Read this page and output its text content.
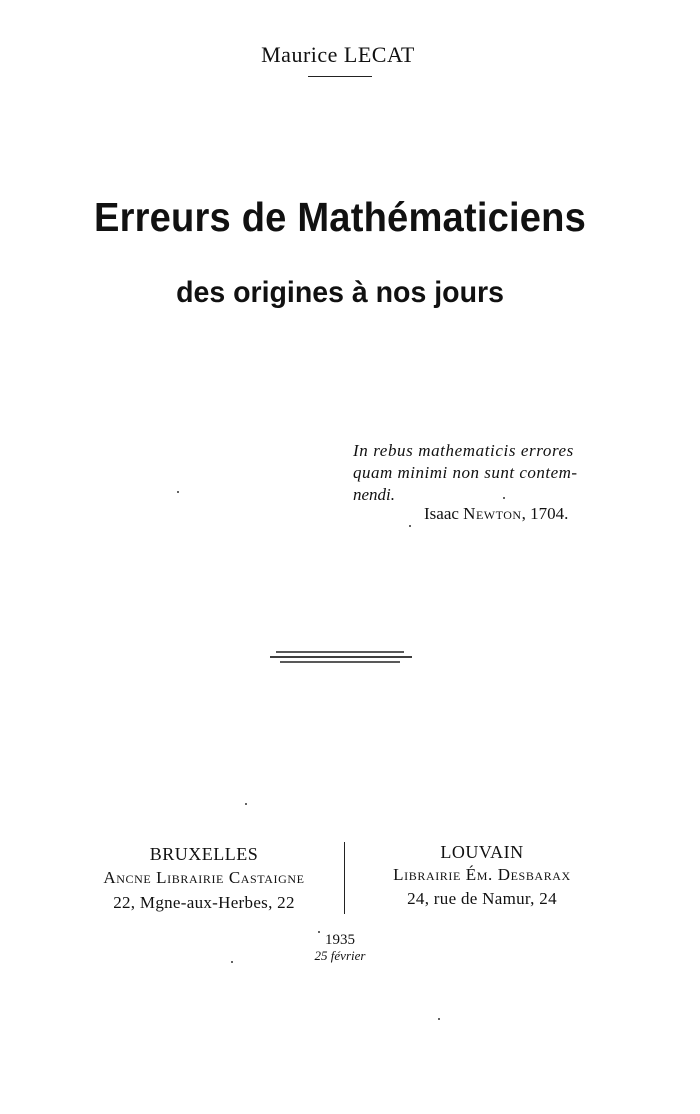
Maurice LECAT
Erreurs de Mathématiciens
des origines à nos jours
In rebus mathematicis errores
quam minimi non sunt contem-
nendi.
Isaac Newton, 1704.
BRUXELLES
Ancne Librairie Castaigne
22, Mgne-aux-Herbes, 22
LOUVAIN
Librairie Ém. Desbarax
24, rue de Namur, 24
1935
25 février
